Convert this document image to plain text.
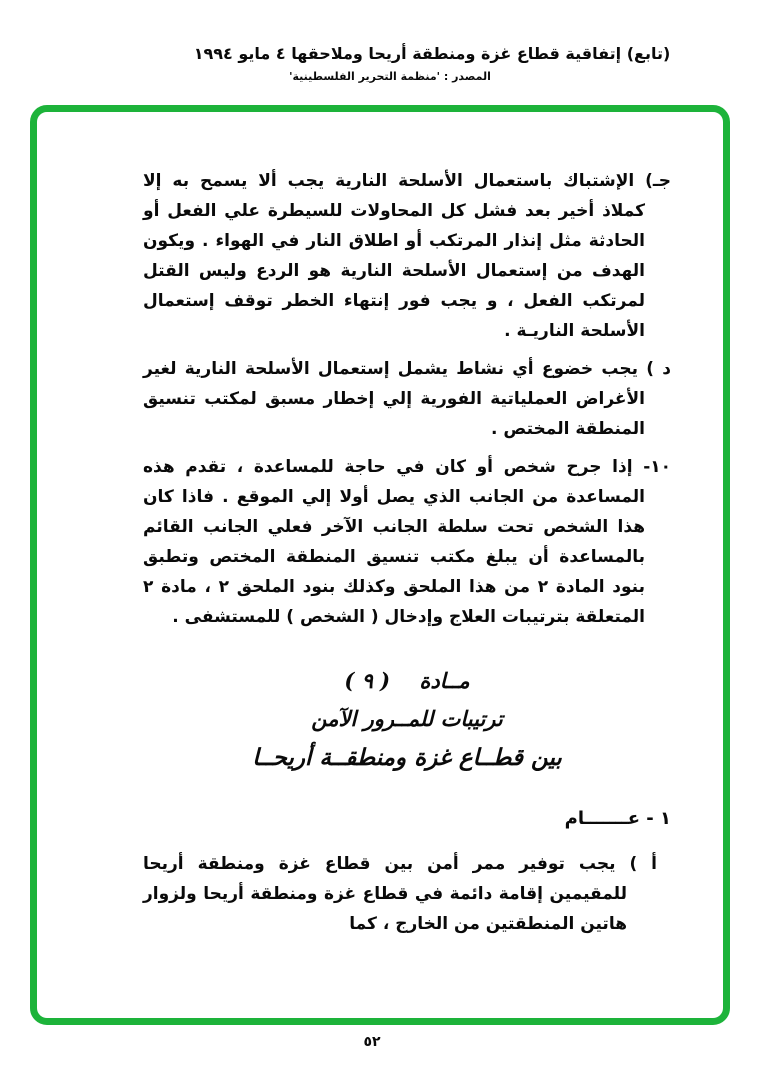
(تابع) إتفاقية قطاع غزة ومنطقة أريحا وملاحقها ٤ مايو ١٩٩٤
المصدر : 'منظمة التحرير الفلسطينية'

جـ) الإشتباك باستعمال الأسلحة النارية يجب ألا يسمح به إلا كملاذ أخير بعد فشل كل المحاولات للسيطرة علي الفعل أو الحادثة مثل إنذار المرتكب أو اطلاق النار في الهواء . ويكون الهدف من إستعمال الأسلحة النارية هو الردع وليس القتل لمرتكب الفعل ، و يجب فور إنتهاء الخطر توقف إستعمال الأسلحة الناريـة .

د ) يجب خضوع أي نشاط يشمل إستعمال الأسلحة النارية لغير الأغراض العملياتية الفورية إلي إخطار مسبق لمكتب تنسيق المنطقة المختص .

١٠- إذا جرح شخص أو كان في حاجة للمساعدة ، تقدم هذه المساعدة من الجانب الذي يصل أولا إلي الموقع . فاذا كان هذا الشخص تحت سلطة الجانب الآخر فعلي الجانب القائم بالمساعدة أن يبلغ مكتب تنسيق المنطقة المختص وتطبق بنود المادة ٢ من هذا الملحق وكذلك بنود الملحق ٢ ، مادة ٢ المتعلقة بترتيبات العلاج وإدخال ( الشخص ) للمستشفى .

مــادة    ( ٩ )
ترتيبات للمــرور الآمن
بين قطــاع غزة ومنطقــة أريحــا
١ - عـــــــام

أ ) يجب توفير ممر أمن بين قطاع غزة ومنطقة أريحا للمقيمين إقامة دائمة في قطاع غزة ومنطقة أريحا ولزوار هاتين المنطقتين من الخارج ، كما

٥٢
